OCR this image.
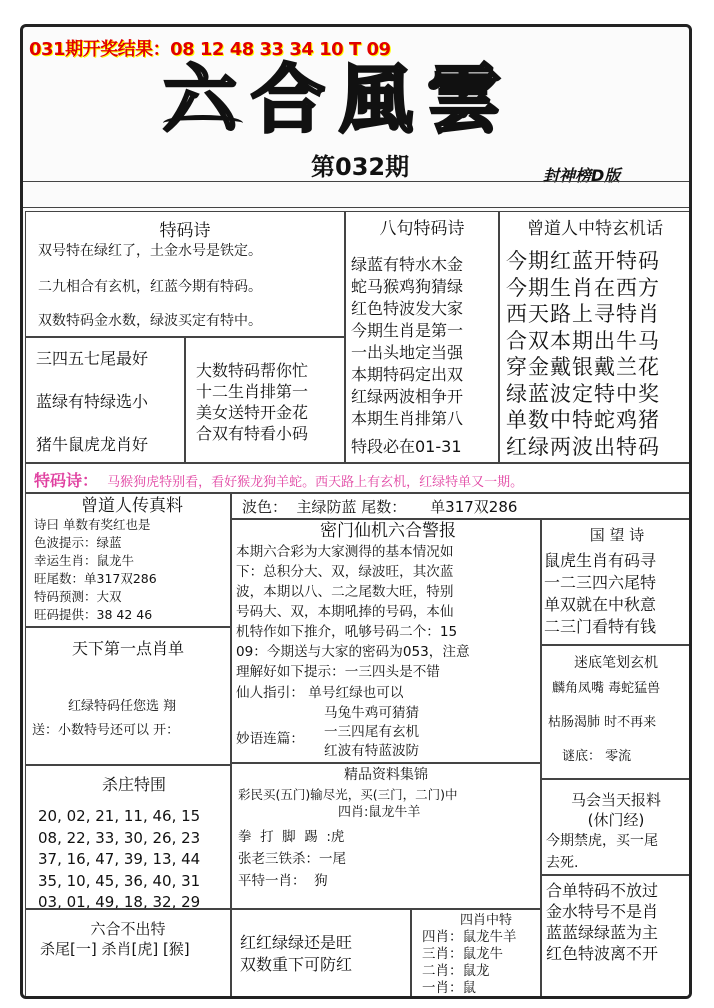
031期开奖结果：08 12 48 33 34 10 T 09
六合風雲
第032期	封神榜D版
特码诗
双号特在绿红了，土金水号是铁定。
二九相合有玄机，红蓝今期有特码。
双数特码金水数，绿波买定有特中。
三四五七尾最好
蓝绿有特绿选小
猪牛鼠虎龙肖好
大数特码帮你忙
十二生肖排第一
美女送特开金花
合双有特看小码
八句特码诗
绿蓝有特水木金
蛇马猴鸡狗猜绿
红色特波发大家
今期生肖是第一
一出头地定当强
本期特码定出双
红绿两波相争开
本期生肖排第八
特段必在01-31
曾道人中特玄机话
今期红蓝开特码
今期生肖在西方
西天路上寻特肖
合双本期出牛马
穿金戴银戴兰花
绿蓝波定特中奖
单数中特蛇鸡猪
红绿两波出特码
特码诗： 马猴狗虎特别看，看好猴龙狗羊蛇。西天路上有玄机，红绿特单又一期。
曾道人传真料
诗曰 单数有奖红也是
色波提示：绿蓝
幸运生肖：鼠龙牛
旺尾数：单317双286
特码预测：大双
旺码提供：38 42 46
天下第一点肖单
红绿特码任您选 翔
送：小数特号还可以 开：
杀庄特围
20, 02, 21, 11, 46, 15
08, 22, 33, 30, 26, 23
37, 16, 47, 39, 13, 44
35, 10, 45, 36, 40, 31
03, 01, 49, 18, 32, 29
六合不出特
杀尾[一] 杀肖[虎] [猴]
波色：  主绿防蓝 尾数：     单317双286
密门仙机六合警报
本期六合彩为大家测得的基本情况如
下：总积分大、双，绿波旺，其次蓝
波，本期以八、二之尾数大旺，特别
号码大、双，本期吼捧的号码，本仙
机特作如下推介，吼够号码二个：15
09：今期送与大家的密码为053，注意
理解好如下提示：一三四头是不错
仙人指引： 单号红绿也可以
马兔牛鸡可猜猜
妙语连篇：	一三四尾有玄机
红波有特蓝波防
国 望 诗
鼠虎生肖有码寻
一二三四六尾特
单双就在中秋意
二三门看特有钱
迷底笔划玄机
麟角凤嘴 毒蛇猛兽
枯肠渴肺 时不再来
谜底： 零流
精品资料集锦
彩民买(五门)输尽光，买(三门，二门)中
四肖:鼠龙牛羊
拳  打  脚  踢  :虎
张老三铁杀：一尾
平特一肖：  狗
马会当天报料
(休门经)
今期禁虎，买一尾
去死.
合单特码不放过
金水特号不是肖
蓝蓝绿绿蓝为主
红色特波离不开
红红绿绿还是旺
双数重下可防红
四肖中特
四肖：鼠龙牛羊
三肖：鼠龙牛
二肖：鼠龙
一肖：鼠
